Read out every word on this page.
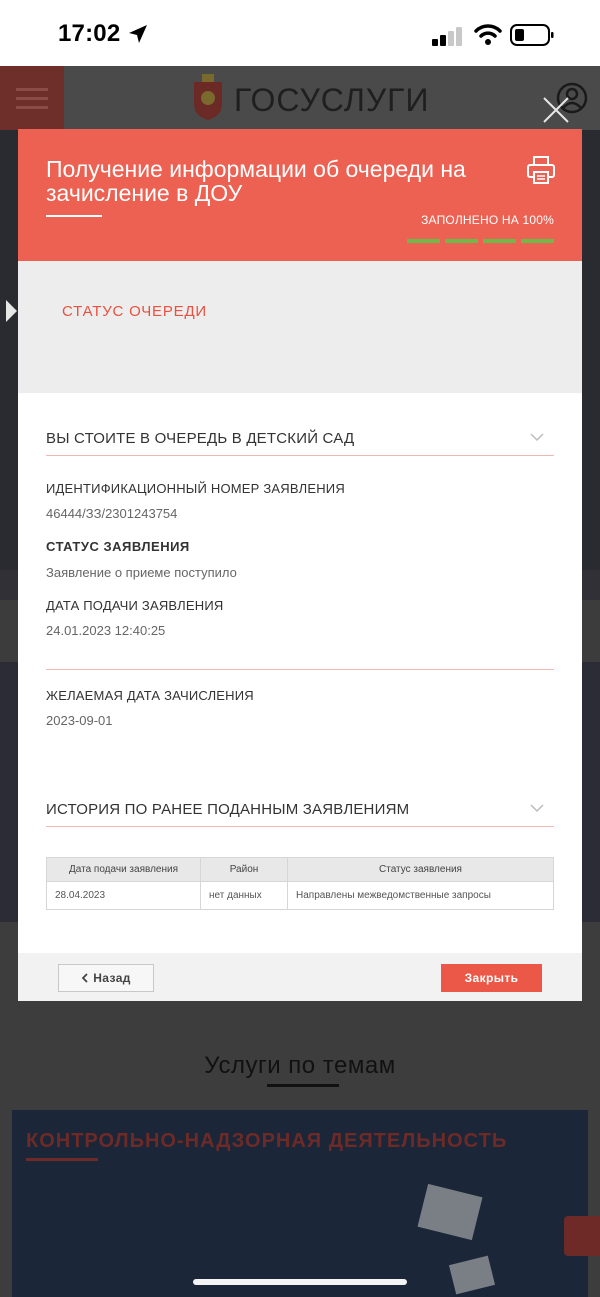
17:02
ГОСУСЛУГИ
Услуги по темам
КОНТРОЛЬНО-НАДЗОРНАЯ ДЕЯТЕЛЬНОСТЬ
Получение информации об очереди на зачисление в ДОУ
ЗАПОЛНЕНО НА 100%
СТАТУС ОЧЕРЕДИ
ВЫ СТОИТЕ В ОЧЕРЕДЬ В ДЕТСКИЙ САД
ИДЕНТИФИКАЦИОННЫЙ НОМЕР ЗАЯВЛЕНИЯ
46444/ЗЗ/2301243754
СТАТУС ЗАЯВЛЕНИЯ
Заявление о приеме поступило
ДАТА ПОДАЧИ ЗАЯВЛЕНИЯ
24.01.2023 12:40:25
ЖЕЛАЕМАЯ ДАТА ЗАЧИСЛЕНИЯ
2023-09-01
ИСТОРИЯ ПО РАНЕЕ ПОДАННЫМ ЗАЯВЛЕНИЯМ
Дата подачи заявления	Район	Статус заявления
28.04.2023	нет данных	Направлены межведомственные запросы
Назад	Закрыть
